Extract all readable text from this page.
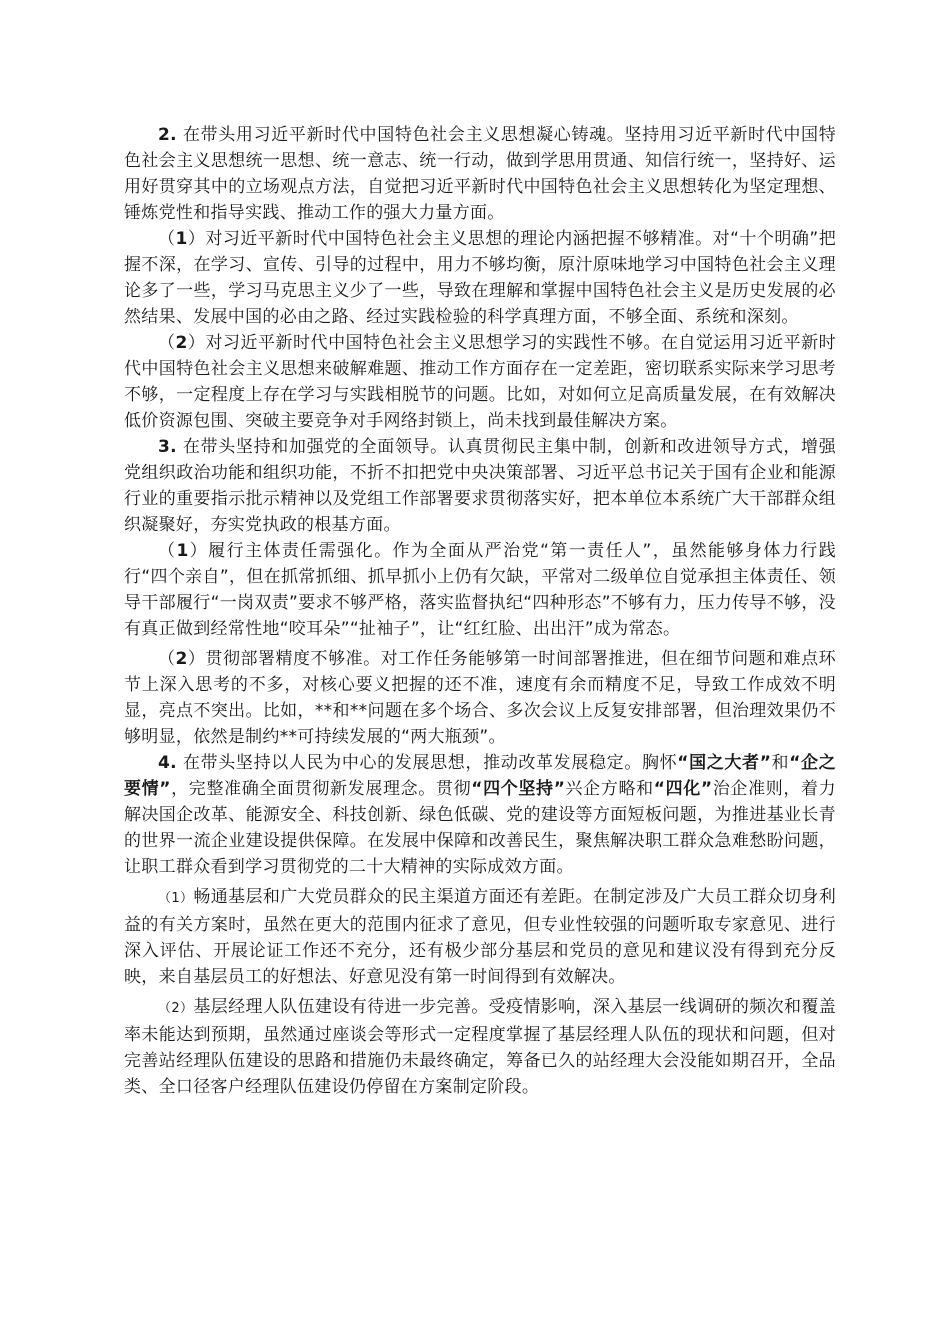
2. 在带头用习近平新时代中国特色社会主义思想凝心铸魂。坚持用习近平新时代中国特色社会主义思想统一思想、统一意志、统一行动，做到学思用贯通、知信行统一，坚持好、运用好贯穿其中的立场观点方法，自觉把习近平新时代中国特色社会主义思想转化为坚定理想、锤炼党性和指导实践、推动工作的强大力量方面。

（1）对习近平新时代中国特色社会主义思想的理论内涵把握不够精准。对“十个明确”把握不深，在学习、宣传、引导的过程中，用力不够均衡，原汁原味地学习中国特色社会主义理论多了一些，学习马克思主义少了一些，导致在理解和掌握中国特色社会主义是历史发展的必然结果、发展中国的必由之路、经过实践检验的科学真理方面，不够全面、系统和深刻。

（2）对习近平新时代中国特色社会主义思想学习的实践性不够。在自觉运用习近平新时代中国特色社会主义思想来破解难题、推动工作方面存在一定差距，密切联系实际来学习思考不够，一定程度上存在学习与实践相脱节的问题。比如，对如何立足高质量发展，在有效解决低价资源包围、突破主要竞争对手网络封锁上，尚未找到最佳解决方案。

3. 在带头坚持和加强党的全面领导。认真贯彻民主集中制，创新和改进领导方式，增强党组织政治功能和组织功能，不折不扣把党中央决策部署、习近平总书记关于国有企业和能源行业的重要指示批示精神以及党组工作部署要求贯彻落实好，把本单位本系统广大干部群众组织凝聚好，夯实党执政的根基方面。

（1）履行主体责任需强化。作为全面从严治党“第一责任人”，虽然能够身体力行践行“四个亲自”，但在抓常抓细、抓早抓小上仍有欠缺，平常对二级单位自觉承担主体责任、领导干部履行“一岗双责”要求不够严格，落实监督执纪“四种形态”不够有力，压力传导不够，没有真正做到经常性地“咬耳朵”“扯袖子”，让“红红脸、出出汗”成为常态。

（2）贯彻部署精度不够准。对工作任务能够第一时间部署推进，但在细节问题和难点环节上深入思考的不多，对核心要义把握的还不准，速度有余而精度不足，导致工作成效不明显，亮点不突出。比如，**和**问题在多个场合、多次会议上反复安排部署，但治理效果仍不够明显，依然是制约**可持续发展的“两大瓶颈”。

4. 在带头坚持以人民为中心的发展思想，推动改革发展稳定。胸怀“国之大者”和“企之要情”，完整准确全面贯彻新发展理念。贯彻“四个坚持”兴企方略和“四化”治企准则，着力解决国企改革、能源安全、科技创新、绿色低碳、党的建设等方面短板问题，为推进基业长青的世界一流企业建设提供保障。在发展中保障和改善民生，聚焦解决职工群众急难愁盼问题，让职工群众看到学习贯彻党的二十大精神的实际成效方面。

（1）畅通基层和广大党员群众的民主渠道方面还有差距。在制定涉及广大员工群众切身利益的有关方案时，虽然在更大的范围内征求了意见，但专业性较强的问题听取专家意见、进行深入评估、开展论证工作还不充分，还有极少部分基层和党员的意见和建议没有得到充分反映，来自基层员工的好想法、好意见没有第一时间得到有效解决。

（2）基层经理人队伍建设有待进一步完善。受疫情影响，深入基层一线调研的频次和覆盖率未能达到预期，虽然通过座谈会等形式一定程度掌握了基层经理人队伍的现状和问题，但对完善站经理队伍建设的思路和措施仍未最终确定，筹备已久的站经理大会没能如期召开，全品类、全口径客户经理队伍建设仍停留在方案制定阶段。
